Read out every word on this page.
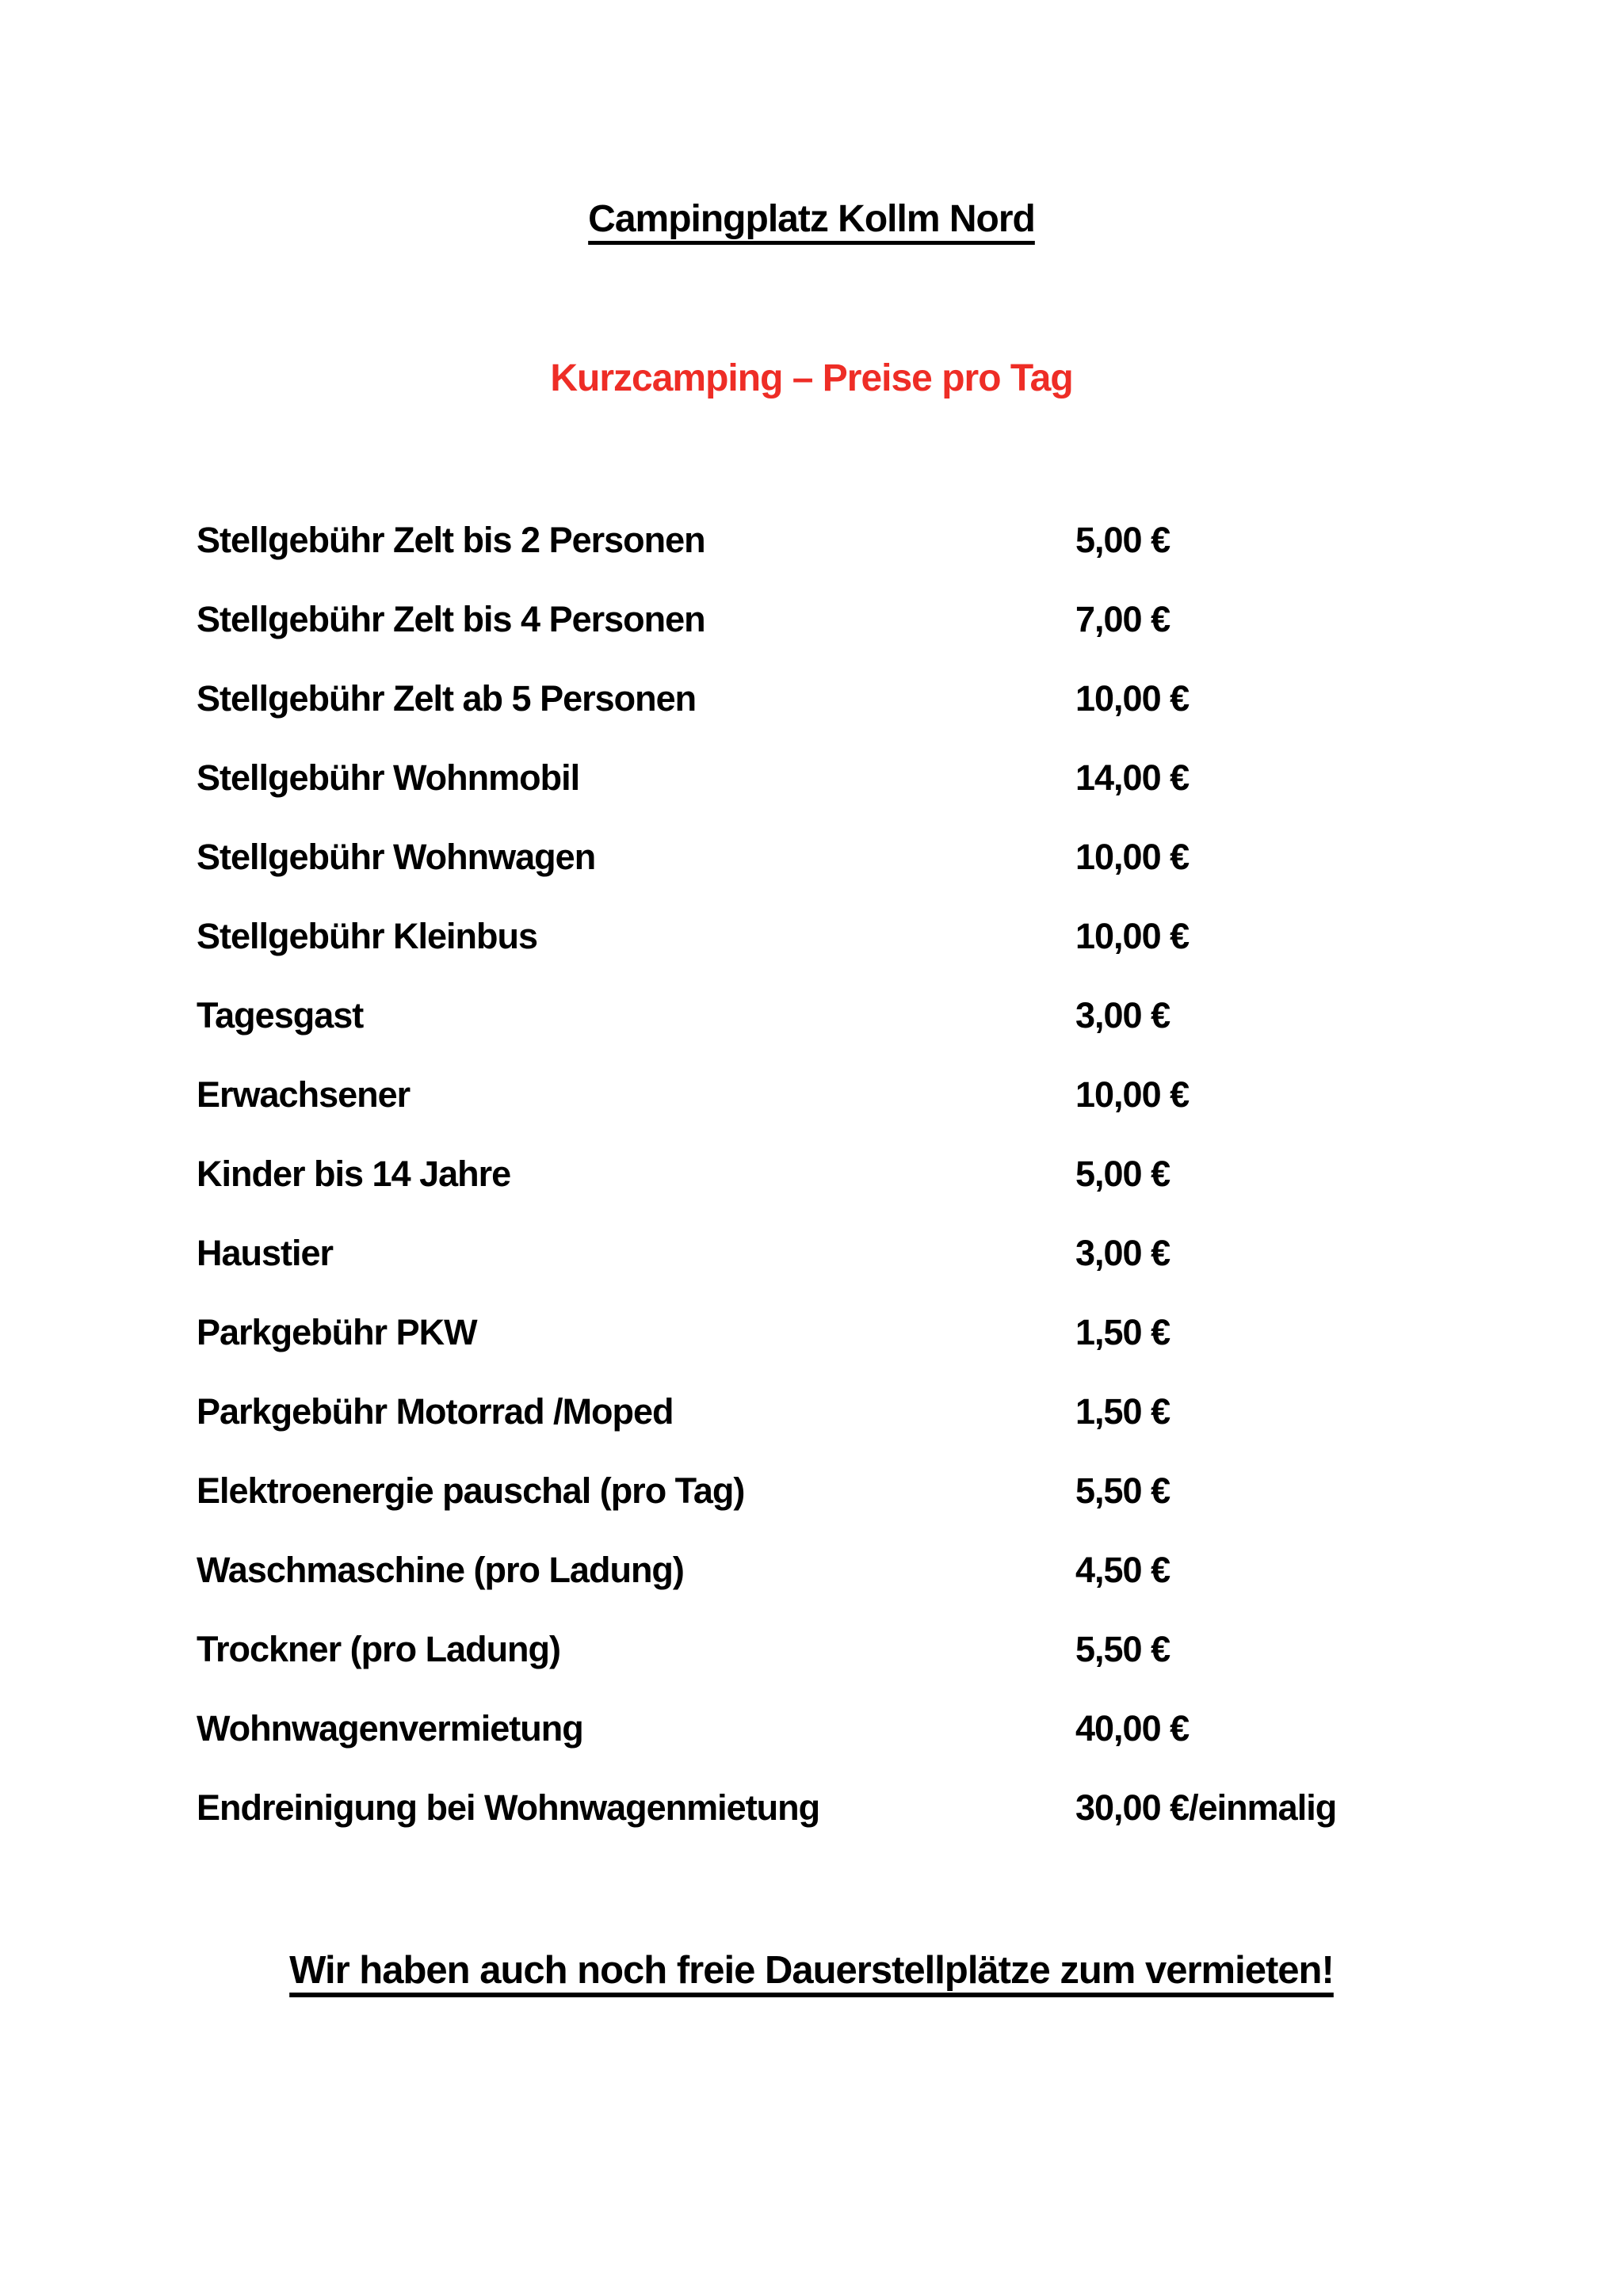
Campingplatz Kollm Nord
Kurzcamping – Preise pro Tag
Stellgebühr Zelt bis 2 Personen	5,00 €
Stellgebühr Zelt bis 4 Personen	7,00 €
Stellgebühr Zelt ab 5 Personen	10,00 €
Stellgebühr Wohnmobil	14,00 €
Stellgebühr Wohnwagen	10,00 €
Stellgebühr Kleinbus	10,00 €
Tagesgast	3,00 €
Erwachsener	10,00 €
Kinder bis 14 Jahre	5,00 €
Haustier	3,00 €
Parkgebühr PKW	1,50 €
Parkgebühr Motorrad /Moped	1,50 €
Elektroenergie pauschal (pro Tag)	5,50 €
Waschmaschine (pro Ladung)	4,50 €
Trockner (pro Ladung)	5,50 €
Wohnwagenvermietung	40,00 €
Endreinigung bei Wohnwagenmietung	30,00 €/einmalig

Wir haben auch noch freie Dauerstellplätze zum vermieten!
